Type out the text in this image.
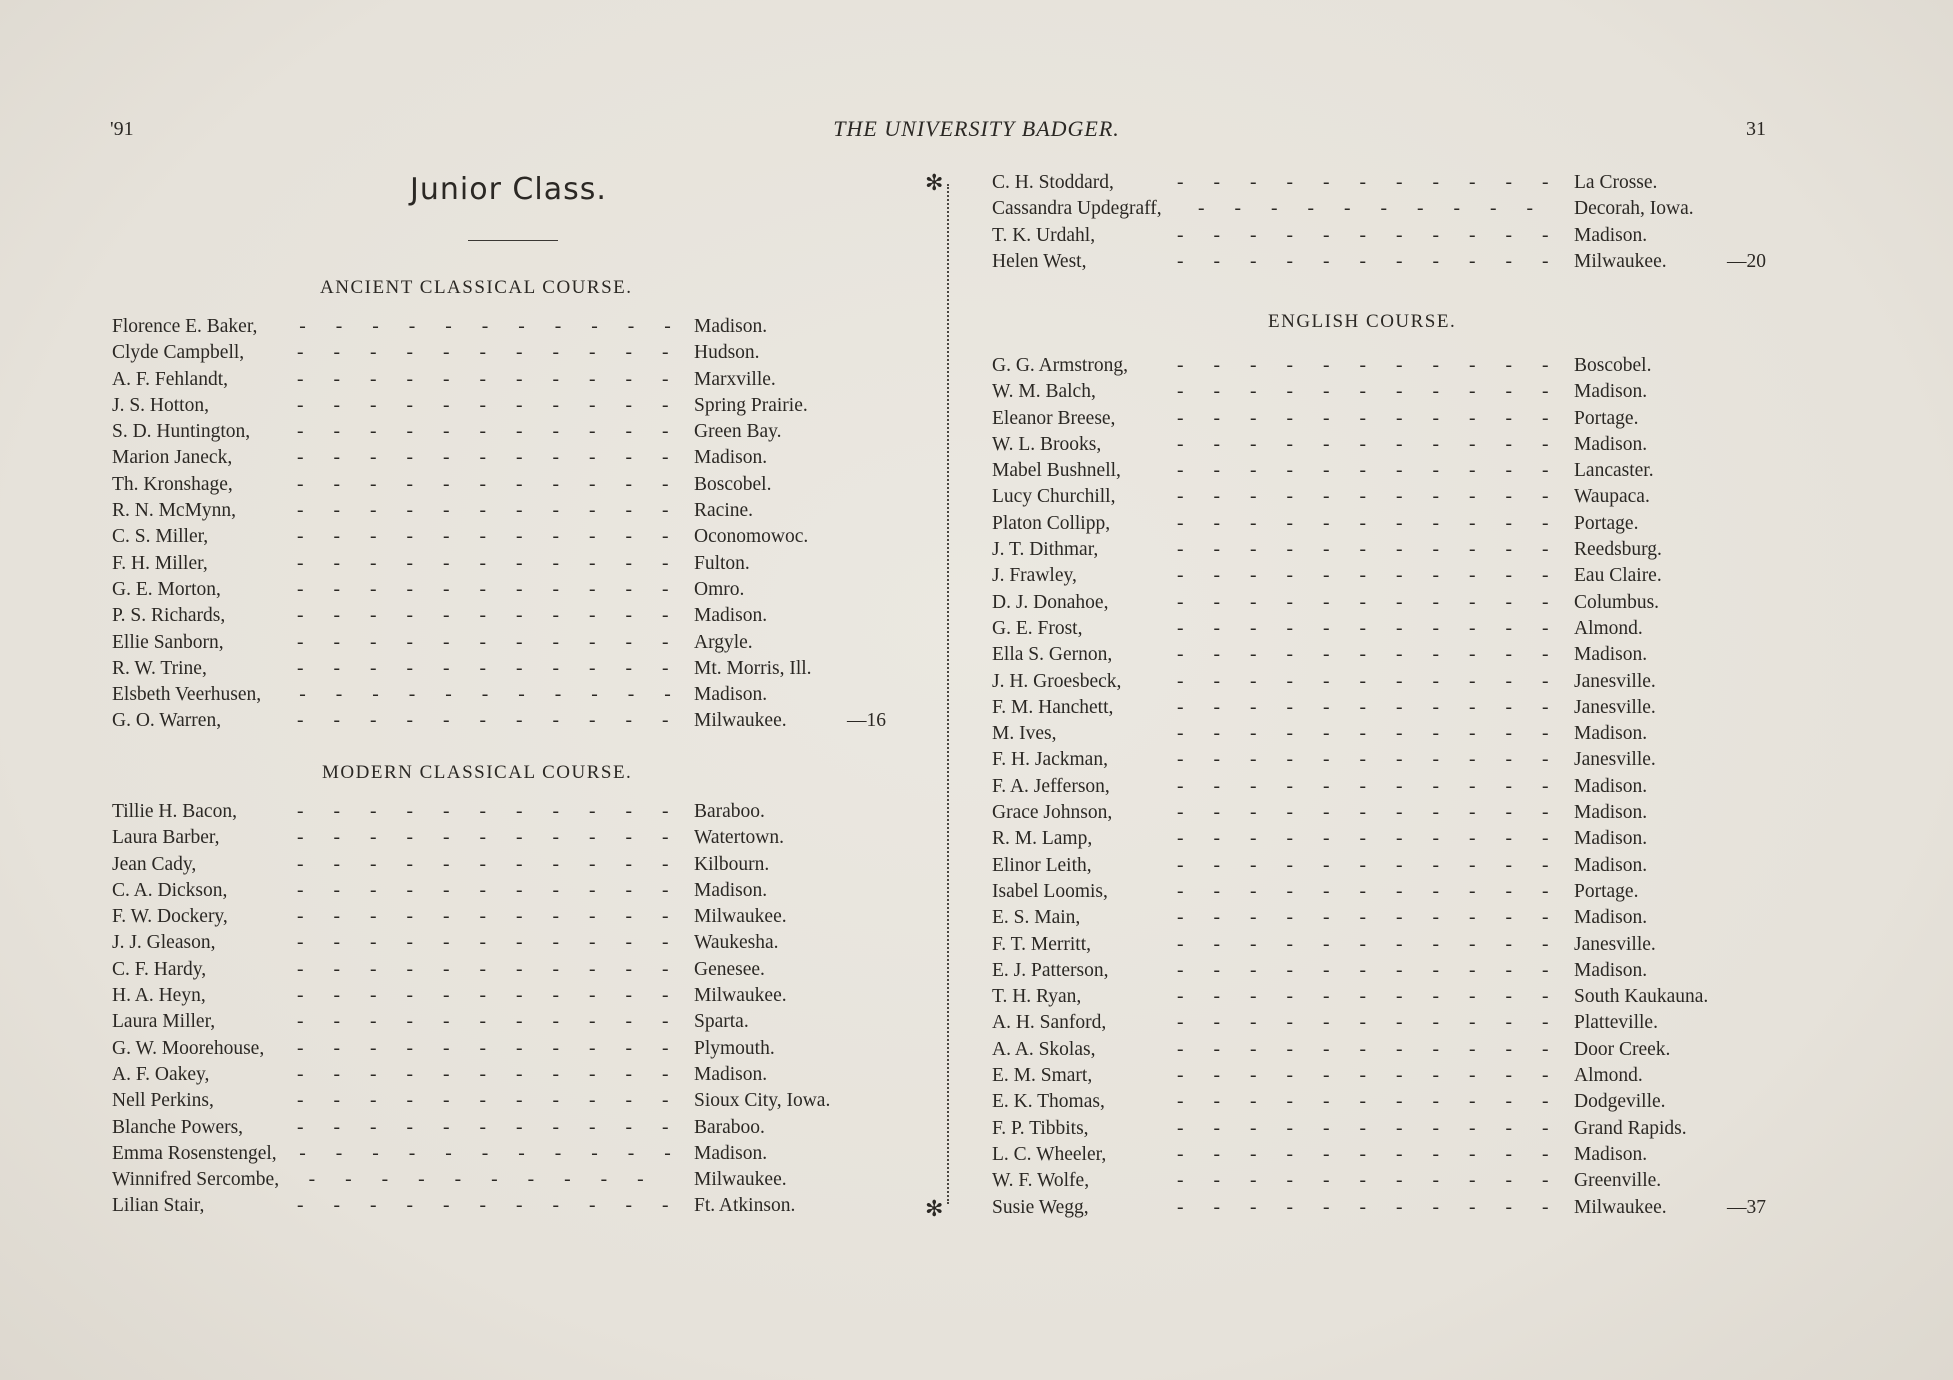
'91	THE UNIVERSITY BADGER.	31
Junior Class.
ANCIENT CLASSICAL COURSE.
Florence E. Baker, - - - - - - - - - - - Madison.
Clyde Campbell,	- - - - - - - - - - - Hudson.
A. F. Fehlandt,	- - - - - - - - - - - Marxville.
J. S. Hotton,	- - - - - - - - - - - Spring Prairie.
S. D. Huntington, - - - - - - - - - - - Green Bay.
Marion Janeck,	- - - - - - - - - - - Madison.
Th. Kronshage,	- - - - - - - - - - - Boscobel.
R. N. McMynn,	- - - - - - - - - - - Racine.
C. S. Miller,	- - - - - - - - - - - Oconomowoc.
F. H. Miller,	- - - - - - - - - - - Fulton.
G. E. Morton,	- - - - - - - - - - - Omro.
P. S. Richards,	- - - - - - - - - - - Madison.
Ellie Sanborn,	- - - - - - - - - - - Argyle.
R. W. Trine,	- - - - - - - - - - - Mt. Morris, Ill.
Elsbeth Veerhusen, - - - - - - - - - - - Madison.
G. O. Warren,	- - - - - - - - - - - Milwaukee.	—16
MODERN CLASSICAL COURSE.
Tillie H. Bacon,	- - - - - - - - - - - Baraboo.
Laura Barber,	- - - - - - - - - - - Watertown.
Jean Cady,	- - - - - - - - - - - Kilbourn.
C. A. Dickson,	- - - - - - - - - - - Madison.
F. W. Dockery,	- - - - - - - - - - - Milwaukee.
J. J. Gleason,	- - - - - - - - - - - Waukesha.
C. F. Hardy,	- - - - - - - - - - - Genesee.
H. A. Heyn,	- - - - - - - - - - - Milwaukee.
Laura Miller,	- - - - - - - - - - - Sparta.
G. W. Moorehouse, - - - - - - - - - - - Plymouth.
A. F. Oakey,	- - - - - - - - - - - Madison.
Nell Perkins,	- - - - - - - - - - - Sioux City, Iowa.
Blanche Powers,	- - - - - - - - - - - Baraboo.
Emma Rosenstengel, - - - - - - - - - - - Madison.
Winnifred Sercombe, - - - - - - - - - -	Milwaukee.
Lilian Stair,	- - - - - - - - - - - Ft. Atkinson.
✻
✻
C. H. Stoddard,	- - - - - - - - - - - La Crosse.
Cassandra Updegraff, - - - - - - - - - - Decorah, Iowa.
T. K. Urdahl,	- - - - - - - - - - - Madison.
Helen West,	- - - - - - - - - - - Milwaukee.	—20
ENGLISH COURSE.
G. G. Armstrong,	- - - - - - - - - - - Boscobel.
W. M. Balch,	- - - - - - - - - - - Madison.
Eleanor Breese,	- - - - - - - - - - - Portage.
W. L. Brooks,	- - - - - - - - - - - Madison.
Mabel Bushnell,	- - - - - - - - - - - Lancaster.
Lucy Churchill,	- - - - - - - - - - - Waupaca.
Platon Collipp,	- - - - - - - - - - - Portage.
J. T. Dithmar,	- - - - - - - - - - - Reedsburg.
J. Frawley,	- - - - - - - - - - - Eau Claire.
D. J. Donahoe,	- - - - - - - - - - - Columbus.
G. E. Frost,	- - - - - - - - - - - Almond.
Ella S. Gernon,	- - - - - - - - - - - Madison.
J. H. Groesbeck,	- - - - - - - - - - - Janesville.
F. M. Hanchett,	- - - - - - - - - - - Janesville.
M. Ives,	- - - - - - - - - - - Madison.
F. H. Jackman,	- - - - - - - - - - - Janesville.
F. A. Jefferson,	- - - - - - - - - - - Madison.
Grace Johnson,	- - - - - - - - - - - Madison.
R. M. Lamp,	- - - - - - - - - - - Madison.
Elinor Leith,	- - - - - - - - - - - Madison.
Isabel Loomis,	- - - - - - - - - - - Portage.
E. S. Main,	- - - - - - - - - - - Madison.
F. T. Merritt,	- - - - - - - - - - - Janesville.
E. J. Patterson,	- - - - - - - - - - - Madison.
T. H. Ryan,	- - - - - - - - - - - South Kaukauna.
A. H. Sanford,	- - - - - - - - - - - Platteville.
A. A. Skolas,	- - - - - - - - - - - Door Creek.
E. M. Smart,	- - - - - - - - - - - Almond.
E. K. Thomas,	- - - - - - - - - - - Dodgeville.
F. P. Tibbits,	- - - - - - - - - - - Grand Rapids.
L. C. Wheeler,	- - - - - - - - - - - Madison.
W. F. Wolfe,	- - - - - - - - - - - Greenville.
Susie Wegg,	- - - - - - - - - - - Milwaukee.	—37
